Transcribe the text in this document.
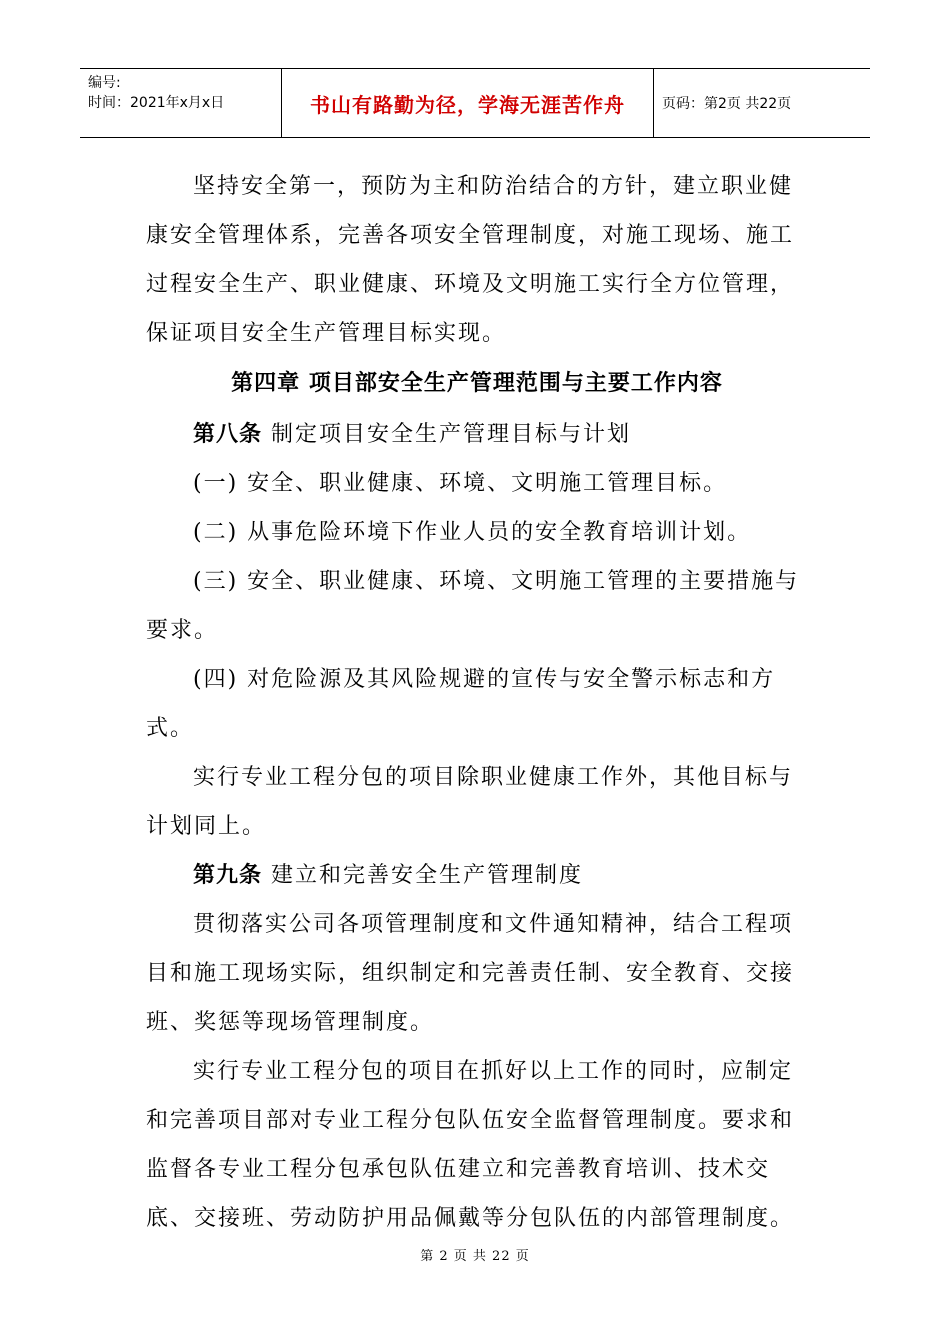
编号:
时间：2021年x月x日	书山有路勤为径，学海无涯苦作舟	页码：第2页 共22页

坚持安全第一，预防为主和防治结合的方针，建立职业健康安全管理体系，完善各项安全管理制度，对施工现场、施工过程安全生产、职业健康、环境及文明施工实行全方位管理，保证项目安全生产管理目标实现。

第四章 项目部安全生产管理范围与主要工作内容

第八条 制定项目安全生产管理目标与计划

(一) 安全、职业健康、环境、文明施工管理目标。

(二) 从事危险环境下作业人员的安全教育培训计划。

(三) 安全、职业健康、环境、文明施工管理的主要措施与要求。

(四) 对危险源及其风险规避的宣传与安全警示标志和方式。

实行专业工程分包的项目除职业健康工作外，其他目标与计划同上。

第九条 建立和完善安全生产管理制度

贯彻落实公司各项管理制度和文件通知精神，结合工程项目和施工现场实际，组织制定和完善责任制、安全教育、交接班、奖惩等现场管理制度。

实行专业工程分包的项目在抓好以上工作的同时，应制定和完善项目部对专业工程分包队伍安全监督管理制度。要求和监督各专业工程分包承包队伍建立和完善教育培训、技术交底、交接班、劳动防护用品佩戴等分包队伍的内部管理制度。

第 2 页 共 22 页
